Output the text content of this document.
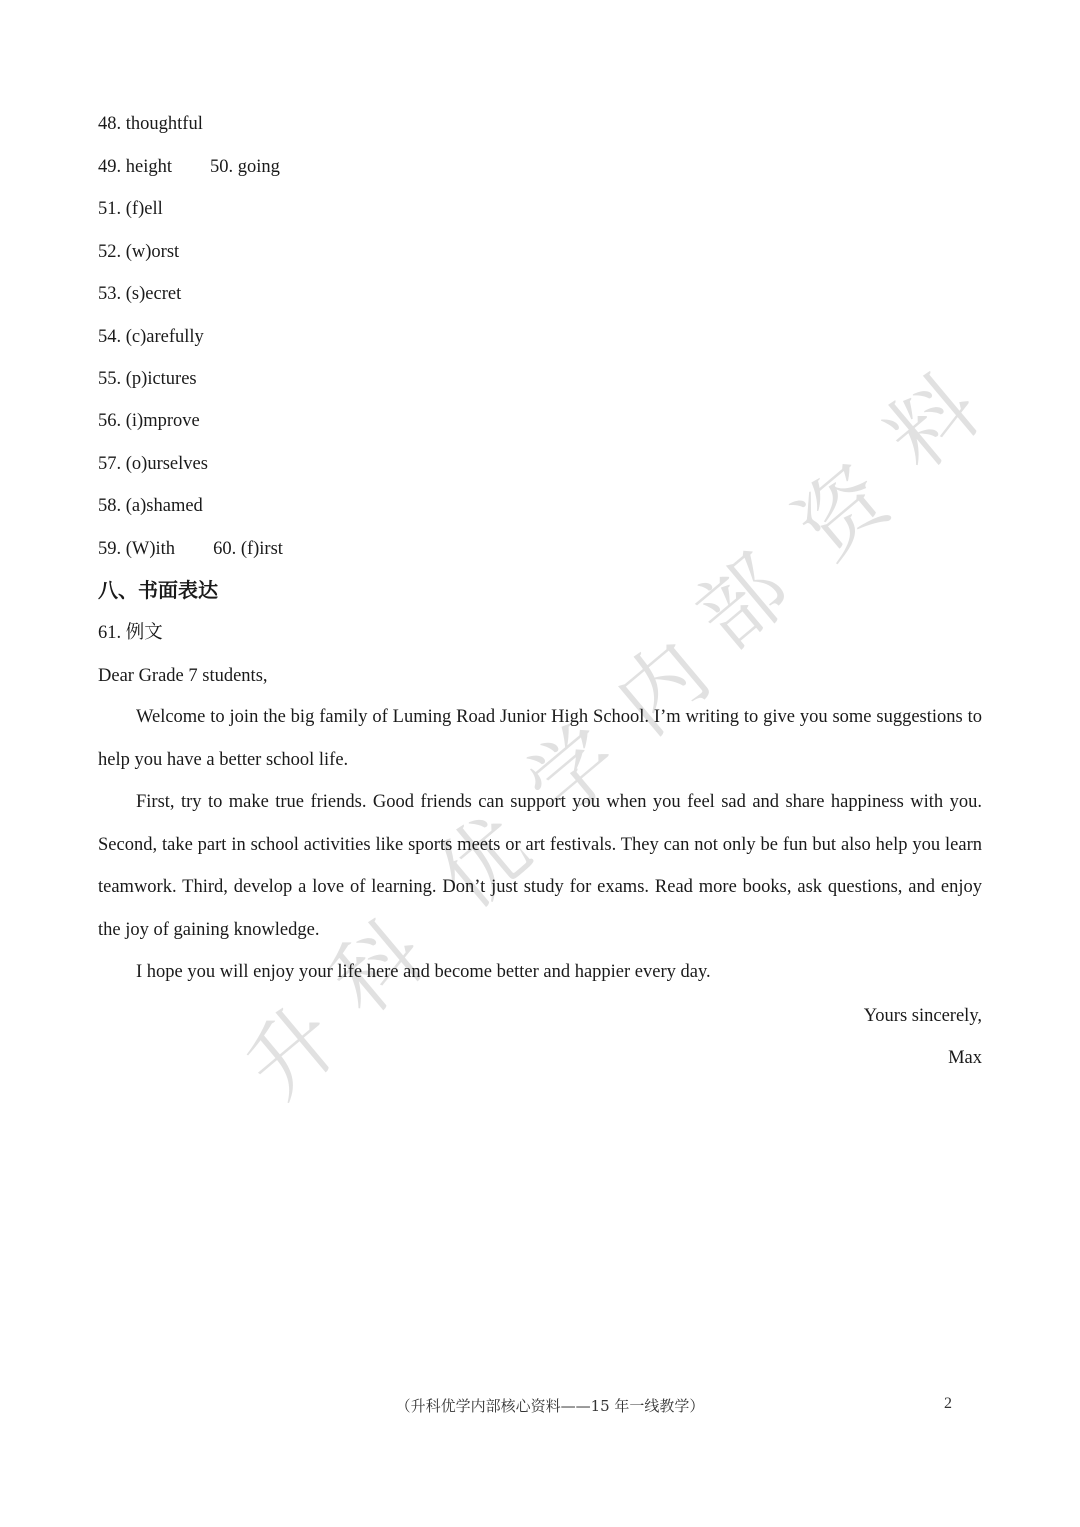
升
科
优
学
内
部
资
料
48. thoughtful
49. height 50. going
51. (f)ell
52. (w)orst
53. (s)ecret
54. (c)arefully
55. (p)ictures
56. (i)mprove
57. (o)urselves
58. (a)shamed
59. (W)ith 60. (f)irst
八、书面表达
61. 例文
Dear Grade 7 students,
Welcome to join the big family of Luming Road Junior High School. I’m writing to give you some suggestions to help you have a better school life.
First, try to make true friends. Good friends can support you when you feel sad and share happiness with you. Second, take part in school activities like sports meets or art festivals. They can not only be fun but also help you learn teamwork. Third, develop a love of learning. Don’t just study for exams. Read more books, ask questions, and enjoy the joy of gaining knowledge.
I hope you will enjoy your life here and become better and happier every day.
Yours sincerely,
Max
（升科优学内部核心资料——15 年一线教学）	2
